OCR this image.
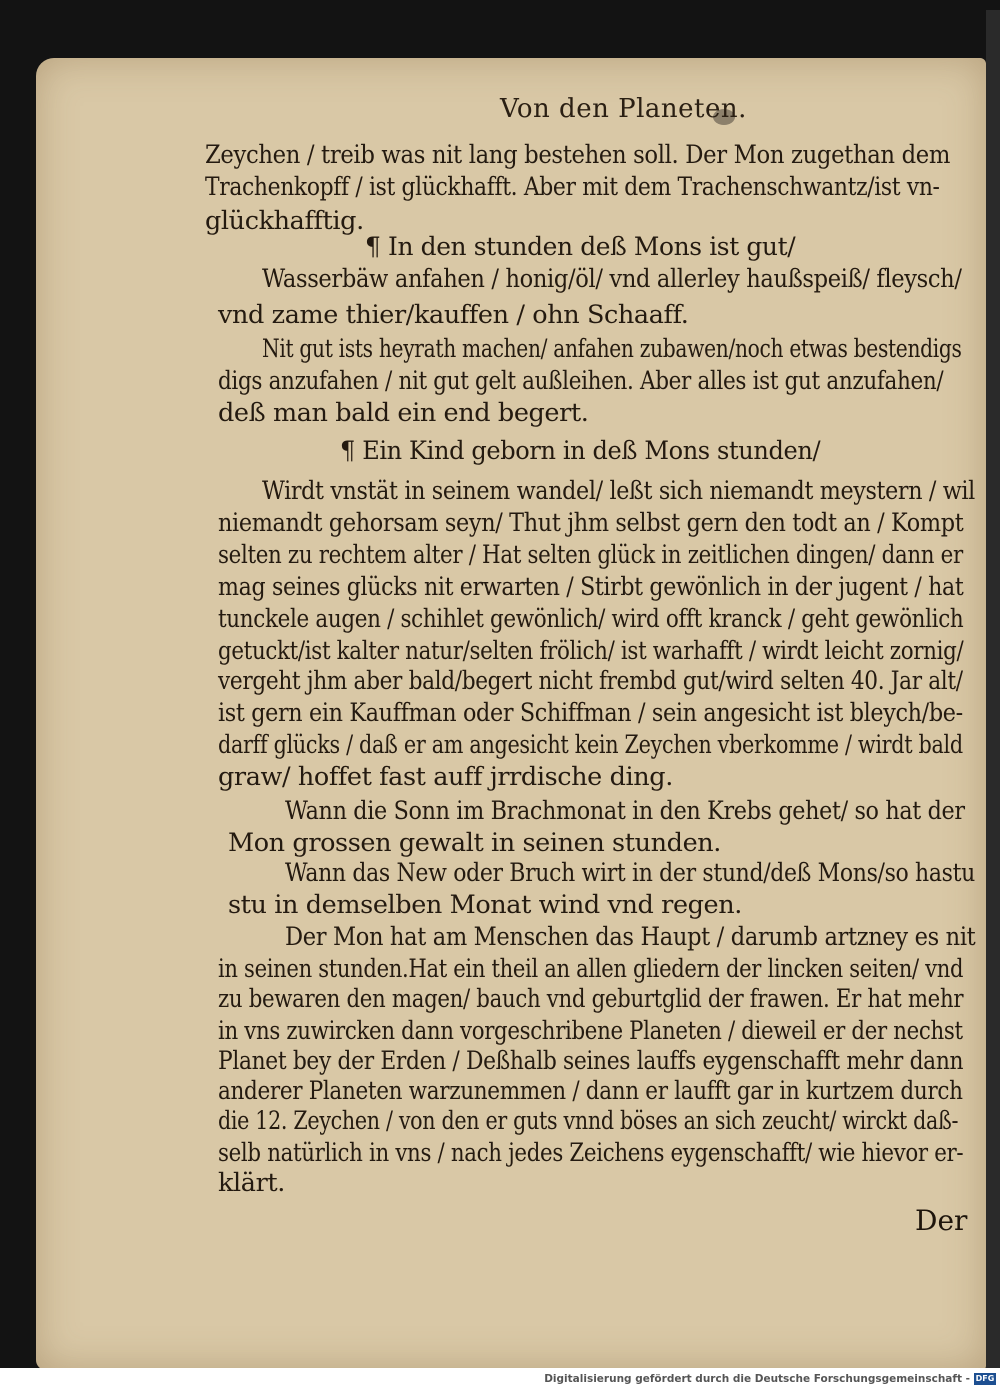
Von den Planeten.
Zeychen / treib was nit lang bestehen soll. Der Mon zugethan dem
Trachenkopff / ist glückhafft. Aber mit dem Trachenschwantz/ist vn-
glückhafftig.
¶ In den stunden deß Mons ist gut/
Wasserbäw anfahen / honig/öl/ vnd allerley haußspeiß/ fleysch/
vnd zame thier/kauffen / ohn Schaaff.
Nit gut ists heyrath machen/ anfahen zubawen/noch etwas bestendigs
digs anzufahen / nit gut gelt außleihen. Aber alles ist gut anzufahen/
deß man bald ein end begert.
¶ Ein Kind geborn in deß Mons stunden/
Wirdt vnstät in seinem wandel/ leßt sich niemandt meystern / wil
niemandt gehorsam seyn/ Thut jhm selbst gern den todt an / Kompt
selten zu rechtem alter / Hat selten glück in zeitlichen dingen/ dann er
mag seines glücks nit erwarten / Stirbt gewönlich in der jugent / hat
tunckele augen / schihlet gewönlich/ wird offt kranck / geht gewönlich
getuckt/ist kalter natur/selten frölich/ ist warhafft / wirdt leicht zornig/
vergeht jhm aber bald/begert nicht frembd gut/wird selten 40. Jar alt/
ist gern ein Kauffman oder Schiffman / sein angesicht ist bleych/be-
darff glücks / daß er am angesicht kein Zeychen vberkomme / wirdt bald
graw/ hoffet fast auff jrrdische ding.
Wann die Sonn im Brachmonat in den Krebs gehet/ so hat der
Mon grossen gewalt in seinen stunden.
Wann das New oder Bruch wirt in der stund/deß Mons/so hastu
stu in demselben Monat wind vnd regen.
Der Mon hat am Menschen das Haupt / darumb artzney es nit
in seinen stunden.Hat ein theil an allen gliedern der lincken seiten/ vnd
zu bewaren den magen/ bauch vnd geburtglid der frawen. Er hat mehr
in vns zuwircken dann vorgeschribene Planeten / dieweil er der nechst
Planet bey der Erden / Deßhalb seines lauffs eygenschafft mehr dann
anderer Planeten warzunemmen / dann er laufft gar in kurtzem durch
die 12. Zeychen / von den er guts vnnd böses an sich zeucht/ wirckt daß-
selb natürlich in vns / nach jedes Zeichens eygenschafft/ wie hievor er-
klärt.
Der
Digitalisierung gefördert durch die Deutsche Forschungsgemeinschaft - DFG
